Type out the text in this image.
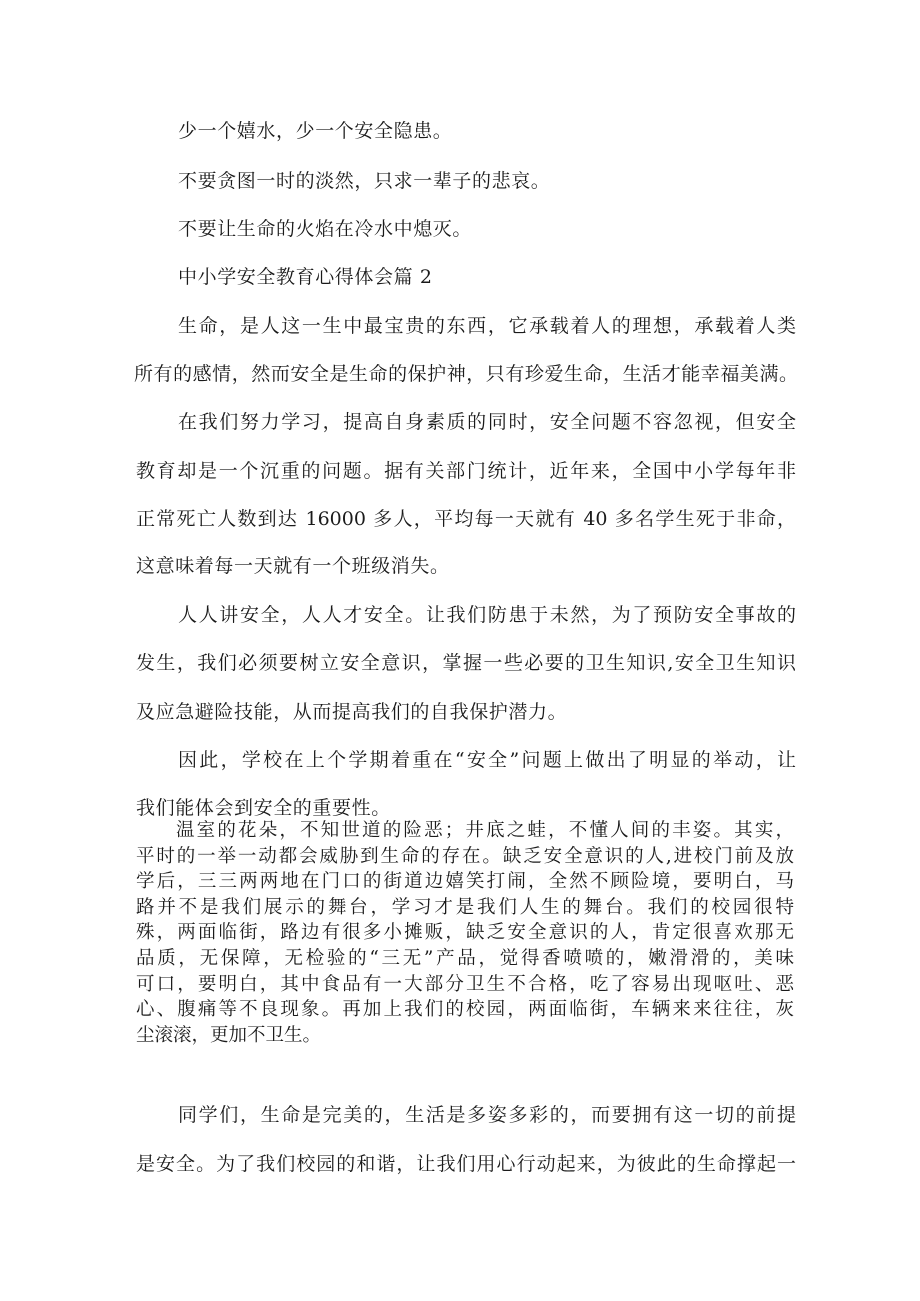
少一个嬉水，少一个安全隐患。
不要贪图一时的淡然，只求一辈子的悲哀。
不要让生命的火焰在冷水中熄灭。
中小学安全教育心得体会篇 2
生命，是人这一生中最宝贵的东西，它承载着人的理想，承载着人类
所有的感情，然而安全是生命的保护神，只有珍爱生命，生活才能幸福美满。
在我们努力学习，提高自身素质的同时，安全问题不容忽视，但安全
教育却是一个沉重的问题。据有关部门统计，近年来，全国中小学每年非
正常死亡人数到达 16000 多人，平均每一天就有 40 多名学生死于非命，
这意味着每一天就有一个班级消失。
人人讲安全，人人才安全。让我们防患于未然，为了预防安全事故的
发生，我们必须要树立安全意识，掌握一些必要的卫生知识,安全卫生知识
及应急避险技能，从而提高我们的自我保护潜力。
因此，学校在上个学期着重在“安全”问题上做出了明显的举动，让
我们能体会到安全的重要性。
温室的花朵，不知世道的险恶；井底之蛙，不懂人间的丰姿。其实，
平时的一举一动都会威胁到生命的存在。缺乏安全意识的人,进校门前及放
学后，三三两两地在门口的街道边嬉笑打闹，全然不顾险境，要明白，马
路并不是我们展示的舞台，学习才是我们人生的舞台。我们的校园很特
殊，两面临街，路边有很多小摊贩，缺乏安全意识的人，肯定很喜欢那无
品质，无保障，无检验的“三无”产品，觉得香喷喷的，嫩滑滑的，美味
可口，要明白，其中食品有一大部分卫生不合格，吃了容易出现呕吐、恶
心、腹痛等不良现象。再加上我们的校园，两面临街，车辆来来往往，灰
尘滚滚，更加不卫生。
同学们，生命是完美的，生活是多姿多彩的，而要拥有这一切的前提
是安全。为了我们校园的和谐，让我们用心行动起来，为彼此的生命撑起一
